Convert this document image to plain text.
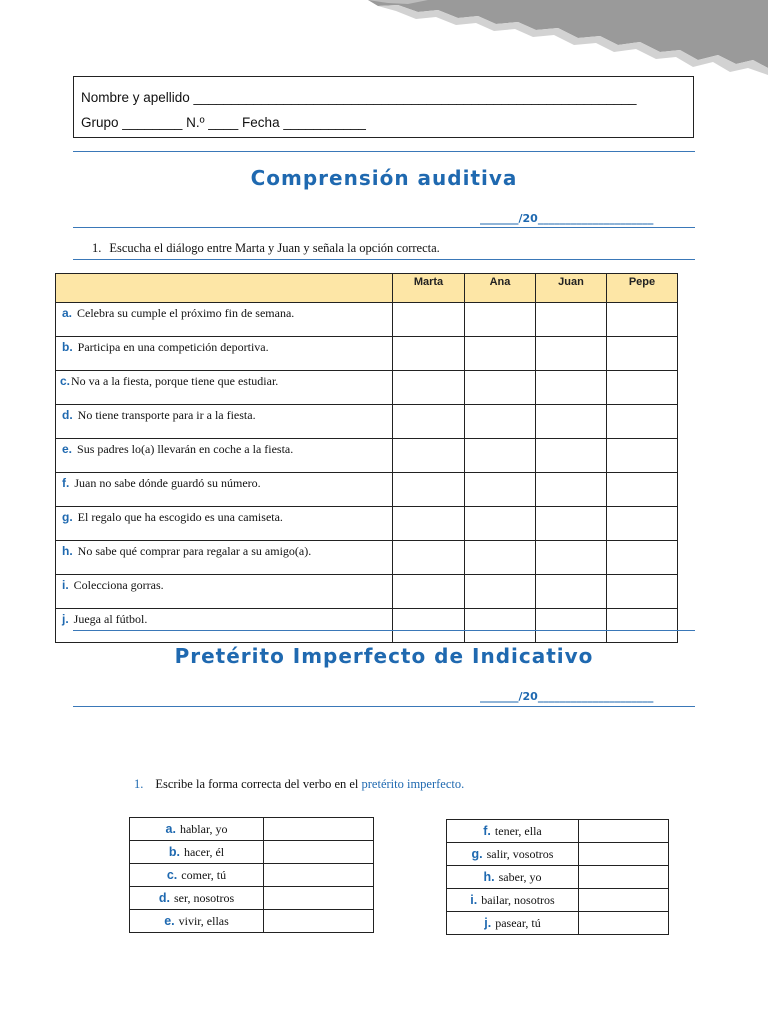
Nombre y apellido ___________________________________________________________
Grupo ________ N.º ____ Fecha ___________
Comprensión auditiva
_______/20_____________________
1. Escucha el diálogo entre Marta y Juan y señala la opción correcta.
	Marta	Ana	Juan	Pepe
a. Celebra su cumple el próximo fin de semana.				
b. Participa en una competición deportiva.				
c.No va a la fiesta, porque tiene que estudiar.				
d. No tiene transporte para ir a la fiesta.				
e. Sus padres lo(a) llevarán en coche a la fiesta.				
f. Juan no sabe dónde guardó su número.				
g. El regalo que ha escogido es una camiseta.				
h. No sabe qué comprar para regalar a su amigo(a).				
i. Colecciona gorras.				
j. Juega al fútbol.				
Pretérito Imperfecto de Indicativo
_______/20_____________________
1. Escribe la forma correcta del verbo en el pretérito imperfecto.
a. hablar, yo	
b. hacer, él	
c. comer, tú	
d. ser, nosotros	
e. vivir, ellas	
f. tener, ella	
g. salir, vosotros	
h. saber, yo	
i. bailar, nosotros	
j. pasear, tú	
